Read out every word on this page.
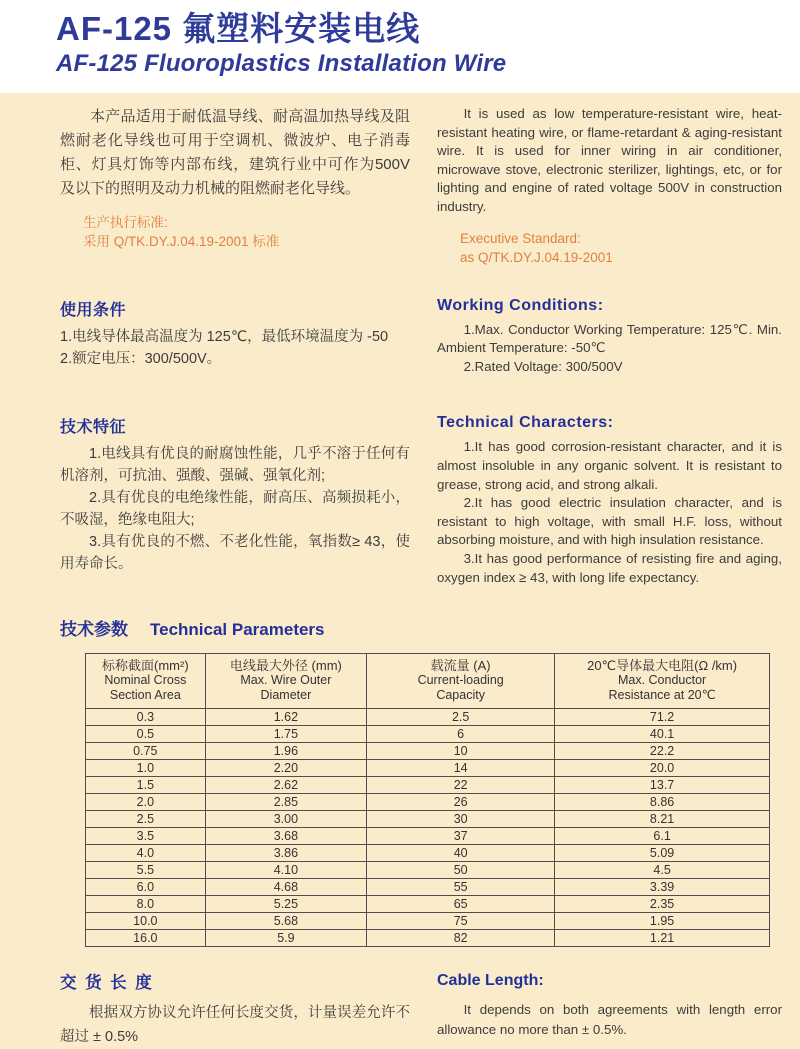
AF-125 氟塑料安装电线
AF-125 Fluoroplastics Installation Wire

本产品适用于耐低温导线、耐高温加热导线及阻燃耐老化导线也可用于空调机、微波炉、电子消毒柜、灯具灯饰等内部布线，建筑行业中可作为500V 及以下的照明及动力机械的阻燃耐老化导线。

生产执行标准:

采用 Q/TK.DY.J.04.19-2001 标准

It is used as low temperature-resistant wire, heat-resistant heating wire, or flame-retardant & aging-resistant wire. It is used for inner wiring in air conditioner, microwave stove, electronic sterilizer, lightings, etc, or for lighting and engine of rated voltage 500V in construction industry.

Executive Standard:

as Q/TK.DY.J.04.19-2001

使用条件

1.电线导体最高温度为 125℃，最低环境温度为 -50

2.额定电压：300/500V。

Working Conditions:

1.Max. Conductor Working Temperature: 125℃. Min. Ambient Temperature: -50℃

2.Rated Voltage: 300/500V

技术特征

1.电线具有优良的耐腐蚀性能，几乎不溶于任何有机溶剂，可抗油、强酸、强碱、强氧化剂;

2.具有优良的电绝缘性能，耐高压、高频损耗小，不吸湿，绝缘电阻大;

3.具有优良的不燃、不老化性能，氧指数≥ 43，使用寿命长。

Technical Characters:

1.It has good corrosion-resistant character, and it is almost insoluble in any organic solvent. It is resistant to grease, strong acid, and strong alkali.

2.It has good electric insulation character, and is resistant to high voltage, with small H.F. loss, without absorbing moisture, and with high insulation resistance.

3.It has good performance of resisting fire and aging, oxygen index ≥ 43, with long life expectancy.

技术参数 Technical Parameters
标称截面(mm²)
Nominal Cross Section Area

电线最大外径 (mm)
Max. Wire Outer Diameter

载流量 (A)
Current-loading Capacity

20℃导体最大电阻(Ω /km)
Max. Conductor Resistance at 20℃

0.3	1.62	2.5	71.2
0.5	1.75	6	40.1
0.75	1.96	10	22.2
1.0	2.20	14	20.0
1.5	2.62	22	13.7
2.0	2.85	26	8.86
2.5	3.00	30	8.21
3.5	3.68	37	6.1
4.0	3.86	40	5.09
5.5	4.10	50	4.5
6.0	4.68	55	3.39
8.0	5.25	65	2.35
10.0	5.68	75	1.95
16.0	5.9	82	1.21
交 货 长 度

根据双方协议允许任何长度交货，计量误差允许不超过 ± 0.5%

Cable Length:

It depends on both agreements with length error allowance no more than ± 0.5%.
